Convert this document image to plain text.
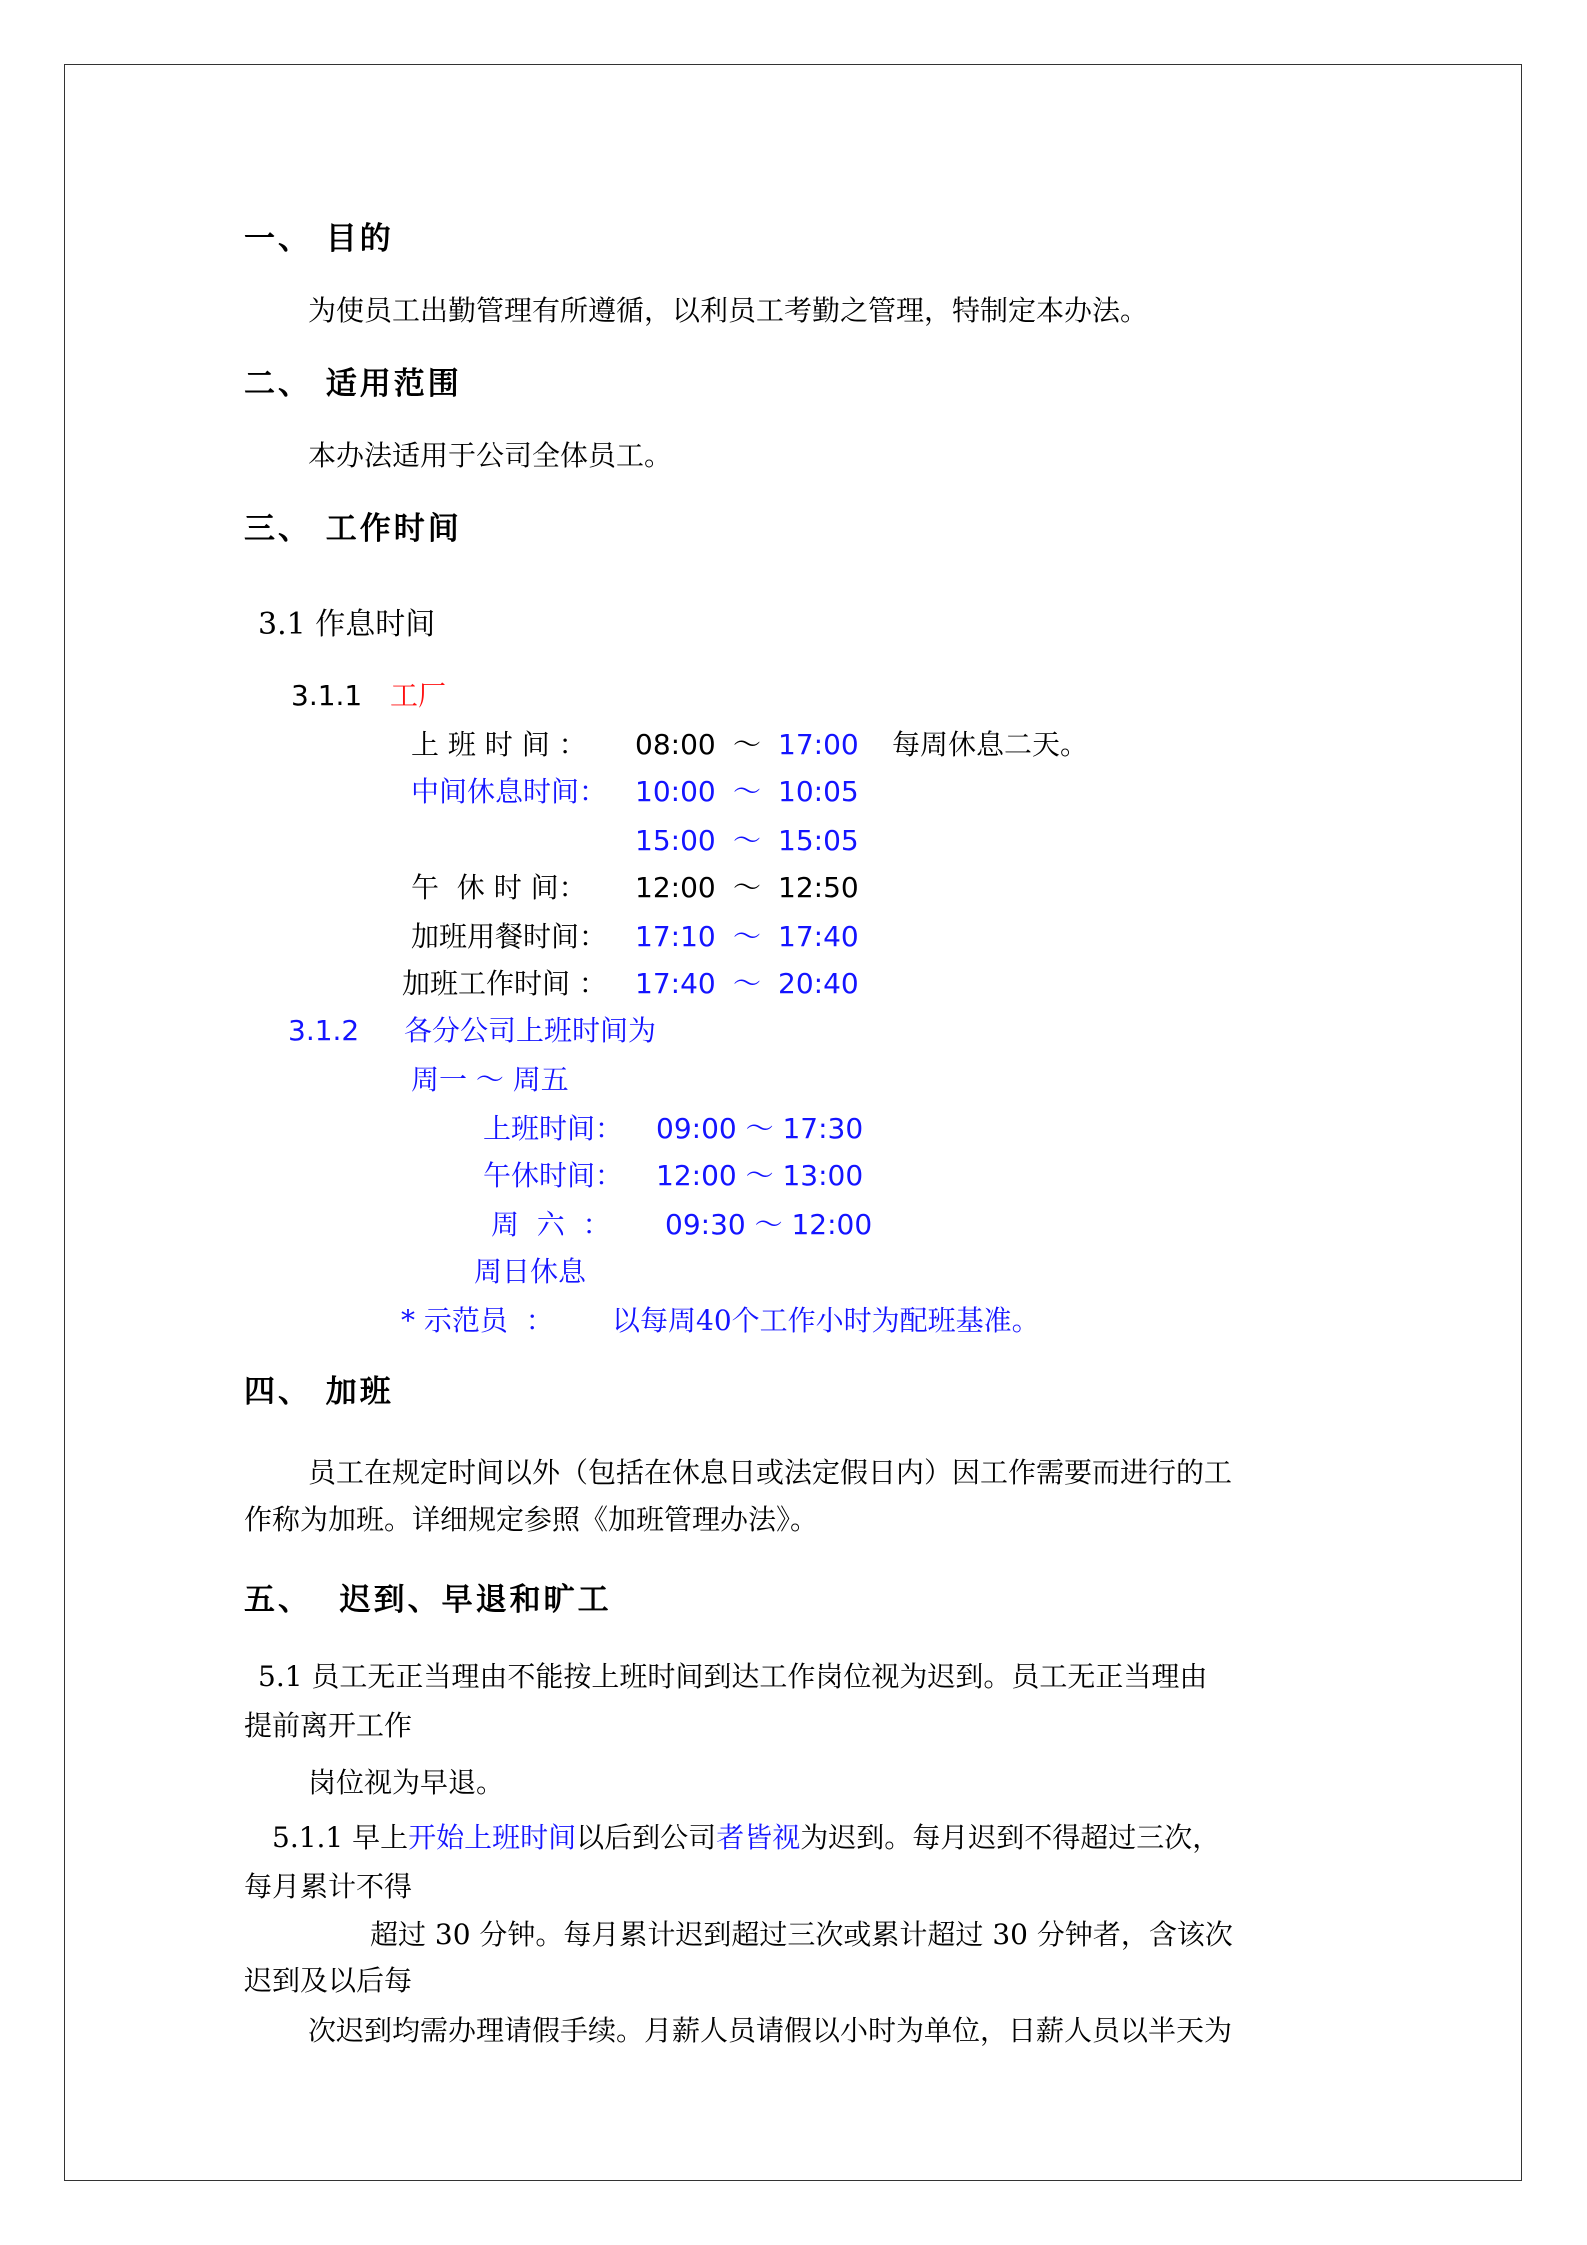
一、 目的
为使员工出勤管理有所遵循，以利员工考勤之管理，特制定本办法。
二、 适用范围
本办法适用于公司全体员工。
三、 工作时间
3.1 作息时间
3.1.1 工厂
上 班 时 间 ： 08:00 ～ 17:00 每周休息二天。
中间休息时间： 10:00 ～ 10:05
15:00 ～ 15:05
午  休 时 间： 12:00 ～ 12:50
加班用餐时间： 17:10 ～ 17:40
加班工作时间 ： 17:40 ～ 20:40
3.1.2 各分公司上班时间为
周一 ～ 周五
上班时间： 09:00 ～ 17:30
午休时间： 12:00 ～ 13:00
周  六  ： 09:30 ～ 12:00
周日休息
* 示范员  ： 以每周40个工作小时为配班基准。
四、 加班
员工在规定时间以外（包括在休息日或法定假日内）因工作需要而进行的工
作称为加班。详细规定参照《加班管理办法》。
五、  迟到、早退和旷工
5.1 员工无正当理由不能按上班时间到达工作岗位视为迟到。员工无正当理由
提前离开工作
岗位视为早退。
5.1.1 早上开始上班时间以后到公司者皆视为迟到。每月迟到不得超过三次，
每月累计不得
超过 30 分钟。每月累计迟到超过三次或累计超过 30 分钟者，含该次
迟到及以后每
次迟到均需办理请假手续。月薪人员请假以小时为单位，日薪人员以半天为
